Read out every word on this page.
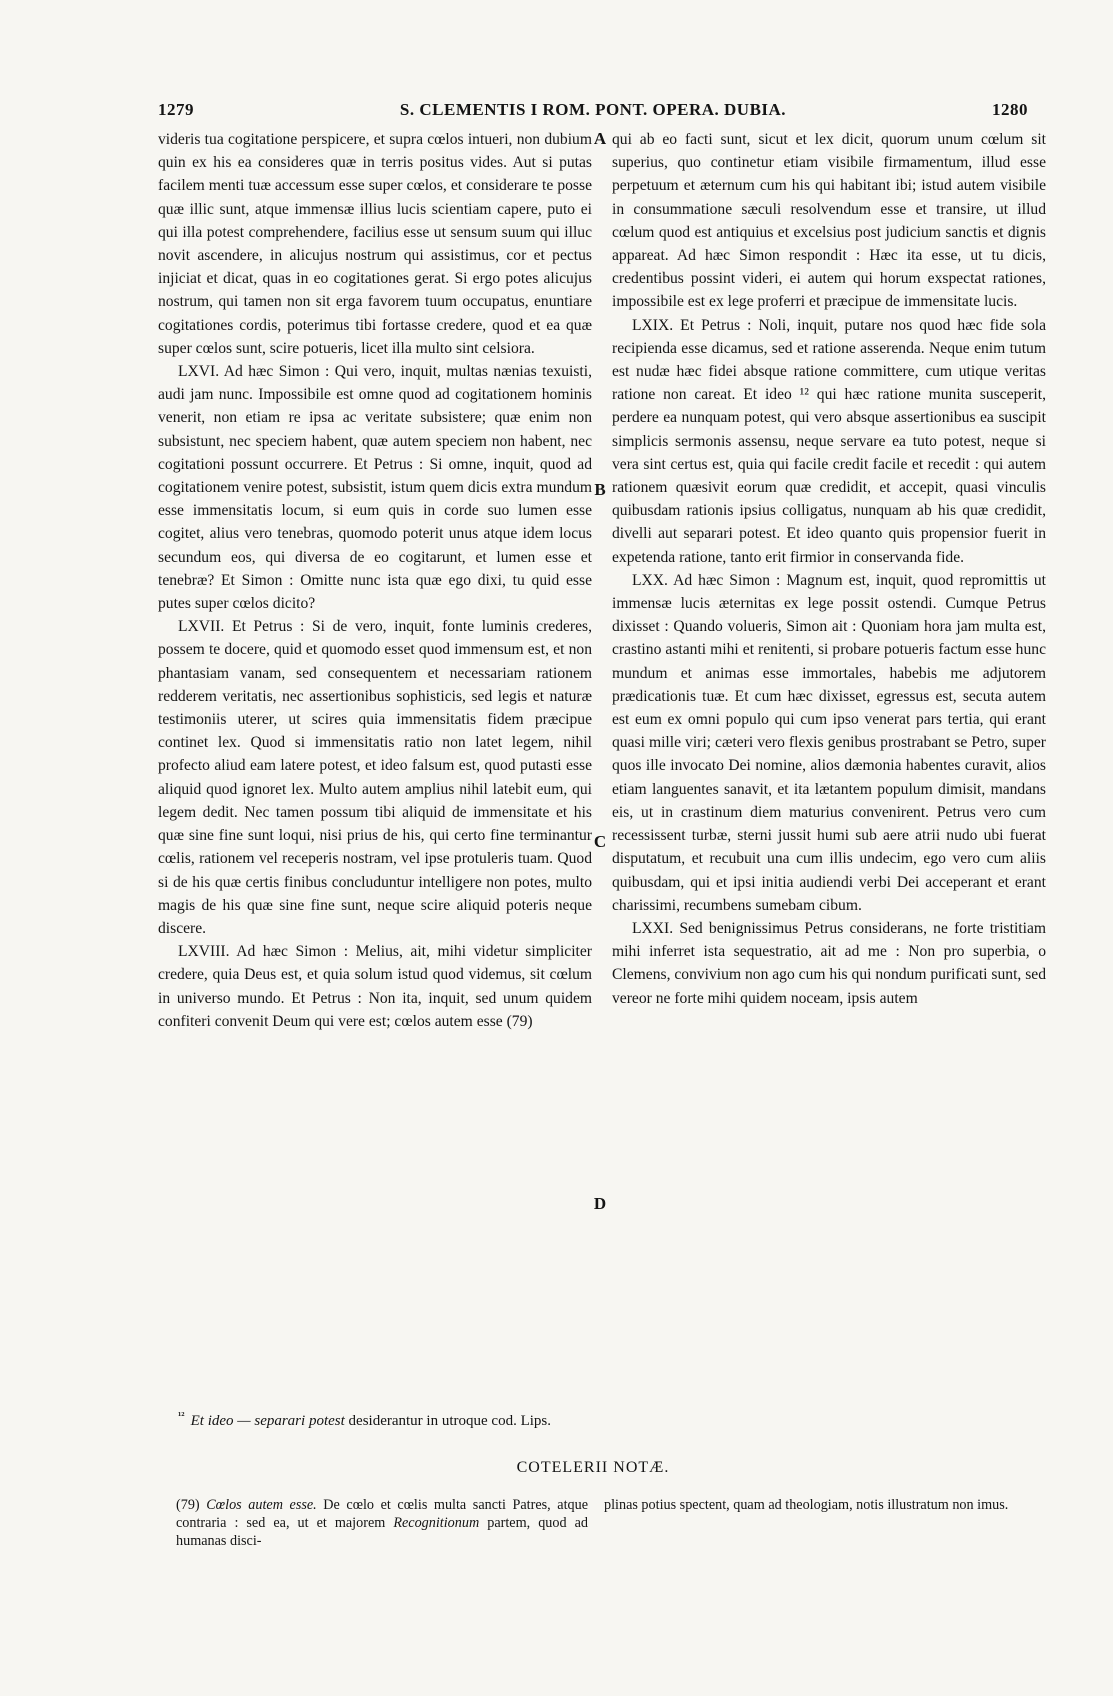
1279	S. CLEMENTIS I ROM. PONT. OPERA. DUBIA.	1280

videris tua cogitatione perspicere, et supra cœlos intueri, non dubium quin ex his ea consideres quæ in terris positus vides. Aut si putas facilem menti tuæ accessum esse super cœlos, et considerare te posse quæ illic sunt, atque immensæ illius lucis scientiam capere, puto ei qui illa potest comprehendere, facilius esse ut sensum suum qui illuc novit ascendere, in alicujus nostrum qui assistimus, cor et pectus injiciat et dicat, quas in eo cogitationes gerat. Si ergo potes alicujus nostrum, qui tamen non sit erga favorem tuum occupatus, enuntiare cogitationes cordis, poterimus tibi fortasse credere, quod et ea quæ super cœlos sunt, scire potueris, licet illa multo sint celsiora.

LXVI. Ad hæc Simon : Qui vero, inquit, multas nænias texuisti, audi jam nunc. Impossibile est omne quod ad cogitationem hominis venerit, non etiam re ipsa ac veritate subsistere; quæ enim non subsistunt, nec speciem habent, quæ autem speciem non habent, nec cogitationi possunt occurrere. Et Petrus : Si omne, inquit, quod ad cogitationem venire potest, subsistit, istum quem dicis extra mundum esse immensitatis locum, si eum quis in corde suo lumen esse cogitet, alius vero tenebras, quomodo poterit unus atque idem locus secundum eos, qui diversa de eo cogitarunt, et lumen esse et tenebræ? Et Simon : Omitte nunc ista quæ ego dixi, tu quid esse putes super cœlos dicito?

LXVII. Et Petrus : Si de vero, inquit, fonte luminis crederes, possem te docere, quid et quomodo esset quod immensum est, et non phantasiam vanam, sed consequentem et necessariam rationem redderem veritatis, nec assertionibus sophisticis, sed legis et naturæ testimoniis uterer, ut scires quia immensitatis fidem præcipue continet lex. Quod si immensitatis ratio non latet legem, nihil profecto aliud eam latere potest, et ideo falsum est, quod putasti esse aliquid quod ignoret lex. Multo autem amplius nihil latebit eum, qui legem dedit. Nec tamen possum tibi aliquid de immensitate et his quæ sine fine sunt loqui, nisi prius de his, qui certo fine terminantur cœlis, rationem vel receperis nostram, vel ipse protuleris tuam. Quod si de his quæ certis finibus concluduntur intelligere non potes, multo magis de his quæ sine fine sunt, neque scire aliquid poteris neque discere.

LXVIII. Ad hæc Simon : Melius, ait, mihi videtur simpliciter credere, quia Deus est, et quia solum istud quod videmus, sit cœlum in universo mundo. Et Petrus : Non ita, inquit, sed unum quidem confiteri convenit Deum qui vere est; cœlos autem esse (79)

qui ab eo facti sunt, sicut et lex dicit, quorum unum cœlum sit superius, quo continetur etiam visibile firmamentum, illud esse perpetuum et æternum cum his qui habitant ibi; istud autem visibile in consummatione sæculi resolvendum esse et transire, ut illud cœlum quod est antiquius et excelsius post judicium sanctis et dignis appareat. Ad hæc Simon respondit : Hæc ita esse, ut tu dicis, credentibus possint videri, ei autem qui horum exspectat rationes, impossibile est ex lege proferri et præcipue de immensitate lucis.

LXIX. Et Petrus : Noli, inquit, putare nos quod hæc fide sola recipienda esse dicamus, sed et ratione asserenda. Neque enim tutum est nudæ hæc fidei absque ratione committere, cum utique veritas ratione non careat. Et ideo ¹² qui hæc ratione munita susceperit, perdere ea nunquam potest, qui vero absque assertionibus ea suscipit simplicis sermonis assensu, neque servare ea tuto potest, neque si vera sint certus est, quia qui facile credit facile et recedit : qui autem rationem quæsivit eorum quæ credidit, et accepit, quasi vinculis quibusdam rationis ipsius colligatus, nunquam ab his quæ credidit, divelli aut separari potest. Et ideo quanto quis propensior fuerit in expetenda ratione, tanto erit firmior in conservanda fide.

LXX. Ad hæc Simon : Magnum est, inquit, quod repromittis ut immensæ lucis æternitas ex lege possit ostendi. Cumque Petrus dixisset : Quando volueris, Simon ait : Quoniam hora jam multa est, crastino astanti mihi et renitenti, si probare potueris factum esse hunc mundum et animas esse immortales, habebis me adjutorem prædicationis tuæ. Et cum hæc dixisset, egressus est, secuta autem est eum ex omni populo qui cum ipso venerat pars tertia, qui erant quasi mille viri; cæteri vero flexis genibus prostrabant se Petro, super quos ille invocato Dei nomine, alios dæmonia habentes curavit, alios etiam languentes sanavit, et ita lætantem populum dimisit, mandans eis, ut in crastinum diem maturius convenirent. Petrus vero cum recessissent turbæ, sterni jussit humi sub aere atrii nudo ubi fuerat disputatum, et recubuit una cum illis undecim, ego vero cum aliis quibusdam, qui et ipsi initia audiendi verbi Dei acceperant et erant charissimi, recumbens sumebam cibum.

LXXI. Sed benignissimus Petrus considerans, ne forte tristitiam mihi inferret ista sequestratio, ait ad me : Non pro superbia, o Clemens, convivium non ago cum his qui nondum purificati sunt, sed vereor ne forte mihi quidem noceam, ipsis autem

A
B
C
D
$^{^{12}}$ Et ideo — separari potest desiderantur in utroque cod. Lips.
COTELERII NOTÆ.

(79) Cœlos autem esse. De cœlo et cœlis multa sancti Patres, atque contraria : sed ea, ut et majorem Recognitionum partem, quod ad humanas disci-

plinas potius spectent, quam ad theologiam, notis illustratum non imus.
